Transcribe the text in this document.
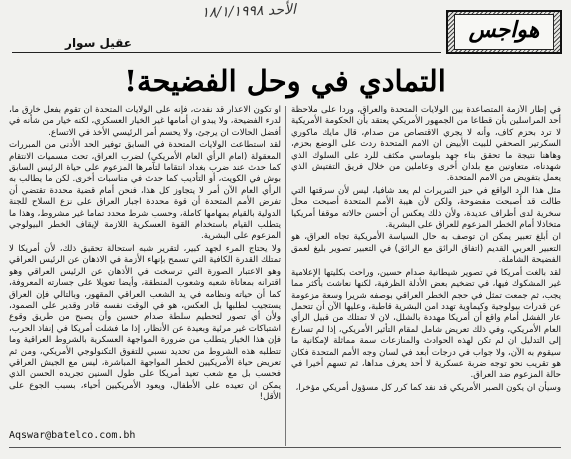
الأحد ١٨/١/١٩٩٨
هواجس
عقيل سوار
التمادي في وحل الفضيحة!

في إطار الأزمة المتصاعدة بين الولايات المتحدة والعراق، وردا على ملاحظة أحد المراسلين بأن قطاعا من الجمهور الأمريكي يعتقد بأن الحكومة الأمريكية لا ترد بحزم كاف، وأنه لا يجري الاقتصاص من صدام، قال مايك ماكوري السكرتير الصحفي للبيت الأبيض ان الامم المتحدة ردت على الوضع بحزم، وهاهنا نتيجة ما تحقق بناء جهد بلوماسي مكثف للرد على السلوك الذي شهدناه، متعاونين مع بلدان أخرى وعاملين من خلال فريق التفتيش الذي يعمل بتفويض من الامم المتحدة.

مثل هذا الرد الواقع في حيز التبريرات لم يعد شافيا، ليس لأن سرقتها التي طالت قد أصبحت مفضوحة، ولكن لأن هيبة الأمم المتحدة أصبحت محل سخرية لدى أطراف عديدة، ولأن ذلك يعكس أن أحسن حالاته موقفا أمريكيا متخاذلا أمام الخطر المزعوم للعراق على البشرية.

ان أبلغ تعبير يمكن ان توصف به حال السياسة الأمريكية تجاه العراق، هو التعبير العربي القديم (اتفاق الرائق مع الرائق) في التعبير تصوير بليغ لعمق الفضيحة الشاملة.

لقد بالغت أمريكا في تصوير شيطانية صدام حسين، وراحت بكليتها الإعلامية غير المشكوك فيها، في تضخيم بعض الأدلة الظرفية، لكنها نعاشت بأكثر مما يجب، ثم جمعت تمثل في حجم الخطر العراقي بوصفه شريرا وسعة مزعومة عن قدرات بيولوجية وكيماوية تهدد امن البشرية قاطبة، وعليها الآن أن تتحمل عار الفشل أمام واقع أن أمريكا مهددة بالشلل، لان لا تمتلك من قبيل الرأي العام الأمريكي، وفي ذلك تعريض شامل لمقام التأثير الأمريكي، إذا لم تسارع إلى التدليل ان لم تكن لهذه الحوادث والمنازعات سمة مماثلة لإمكانية ما سيقوم به الآن، ولا جواب في درجات أبعد في لسان وجه الأمم المتحدة فكان هو تقريب نحو توجه ضربة عسكرية لا أحد يعرف مداها، ثم تسهم أخيرا في حالة المزعوم ضد العراق.

وسيأن ان يكون الصبر الأمريكي قد نفد كما كرر كل مسؤول أمريكي مؤخرا،

او تكون الاعذار قد نفدت، فإنه على الولايات المتحدة ان تقوم بفعل خارق ما، لدرء الفضيحة، ولا يبدو ان أمامها غير الخيار العسكري، لكنه خيار من شأنه في أفضل الحالات ان يرجئ، ولا يحسم أمر الرئيسي الأخذ في الاتساع.

لقد استطاعت الولايات المتحدة في السابق توفير الحد الأدنى من المبررات المعقولة (امام الرأي العام الأمريكي) لضرب العراق، تحت مسميات الانتقام كما حدث عند ضرب بغداد انتقاما لتآمرها المزعوم على حياة الرئيس السابق بوش في الكويت، أو التأديب كما حدث في مناسبات أخرى. لكن ما يطالب به الرأي العام الآن أمر لا يتجاوز كل هذا، فنحن أمام قضية محددة تقتضي أن تفرض الأمم المتحدة أن قوة محددة اجبار العراق على نزع السلاح للجنة الدولية بالقيام بمهامها كاملة، وحسب شرط محدد تماما غير مشروط، وهذا ما يتطلب القيام باستخدام القوة العسكرية اللازمة لإيقاف الخطر البيولوجي المزعوم على البشرية.

ولا يحتاج المرء لجهد كبير، لتقرير شبه استحالة تحقيق ذلك، لأن أمريكا لا تمتلك القدرة الكافية التي تسمح بإنهاء الأزمة في الاذهان عن الرئيس العراقي وهو الاعتبار الصورة التي ترسخت في الأذهان عن الرئيس العراقي وهو اقترانه بمعاناة شعبه وشعوب المنطقة، وأيضا تعويلا على جسارته المعروفة، كما أن حياته ونظامه في يد الشعب العراقي المقهور، وبالتالي فإن العراق يستجيب لطلبها بل العكس، هو في الوقت نفسه قادر وقدير على الصمود، ولأن أي تصور لتحطيم سلطة صدام حسين وأن يصبح من طريق وقوع اشتباكات غير مرئية وبعيدة عن الأنظار، إذا ما فشلت أمريكا في إنفاذ الحرب، فإن هذا الخيار يتطلب من ضرورة المواجهة العسكرية بالشروط العراقية وما تتطلبه هذه الشروط من تحديد نسبي للتفوق التكنولوجي الأمريكي، ومن ثم تعريض حياة الأمريكيين لخطر المواجهة المباشرة، ليس مع الجيش العراقي فحسب بل مع شعب تعيد أمريكا على طول السنين تجريده الحسن الذي يمكن ان تعيده على الأطفال، ويعود الأمريكيين أحياء، بسبب الجوع على الأقل!

Aqswar@batelco.com.bh
